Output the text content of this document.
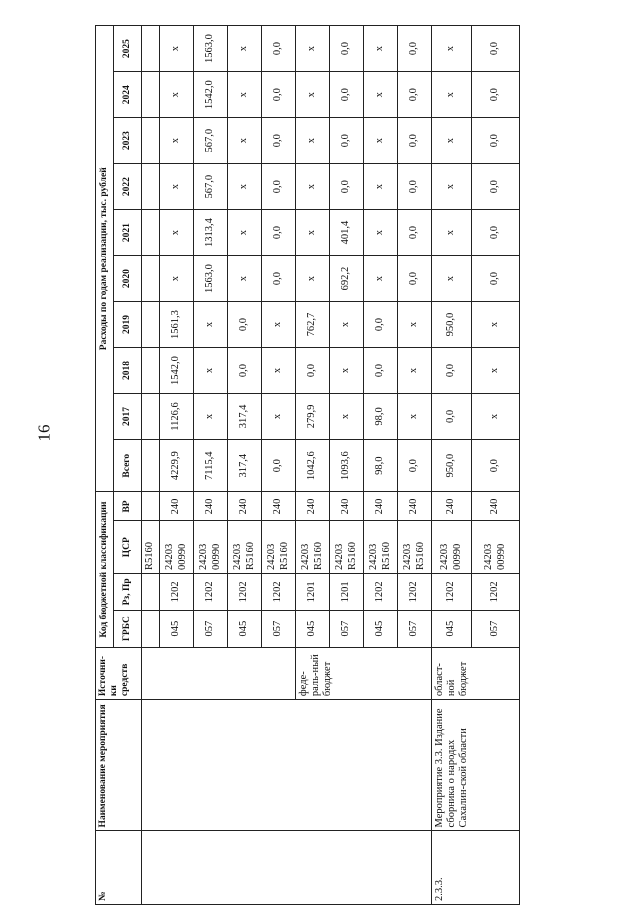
16
№	Наименование мероприятия	Источни-ки средств	Код бюджетной классификации				Расходы по годам реализации, тыс. рублей									
			ГРБС	Рз, Пр	ЦСР	ВР	Всего	2017	2018	2019	2020	2021	2022	2023	2024	2025
					R5160											
			045	1202	24203 00990	240	4229,9	1126,6	1542,0	1561,3	x	x	x	x	x	x
			057	1202	24203 00990	240	7115,4	x	x	x	1563,0	1313,4	567,0	567,0	1542,0	1563,0
			045	1202	24203 R5160	240	317,4	317,4	0,0	0,0	x	x	x	x	x	x
			057	1202	24203 R5160	240	0,0	x	x	x	0,0	0,0	0,0	0,0	0,0	0,0
		феде-раль-ный бюджет	045	1201	24203 R5160	240	1042,6	279,9	0,0	762,7	x	x	x	x	x	x
			057	1201	24203 R5160	240	1093,6	x	x	x	692,2	401,4	0,0	0,0	0,0	0,0
			045	1202	24203 R5160	240	98,0	98,0	0,0	0,0	x	x	x	x	x	x
			057	1202	24203 R5160	240	0,0	x	x	x	0,0	0,0	0,0	0,0	0,0	0,0
2.3.3.	Мероприятие 3.3. Издание сборника о народах Сахалин-ской области	област-ной бюджет	045	1202	24203 00990	240	950,0	0,0	0,0	950,0	x	x	x	x	x	x
			057	1202	24203 00990	240	0,0	x	x	x	0,0	0,0	0,0	0,0	0,0	0,0
